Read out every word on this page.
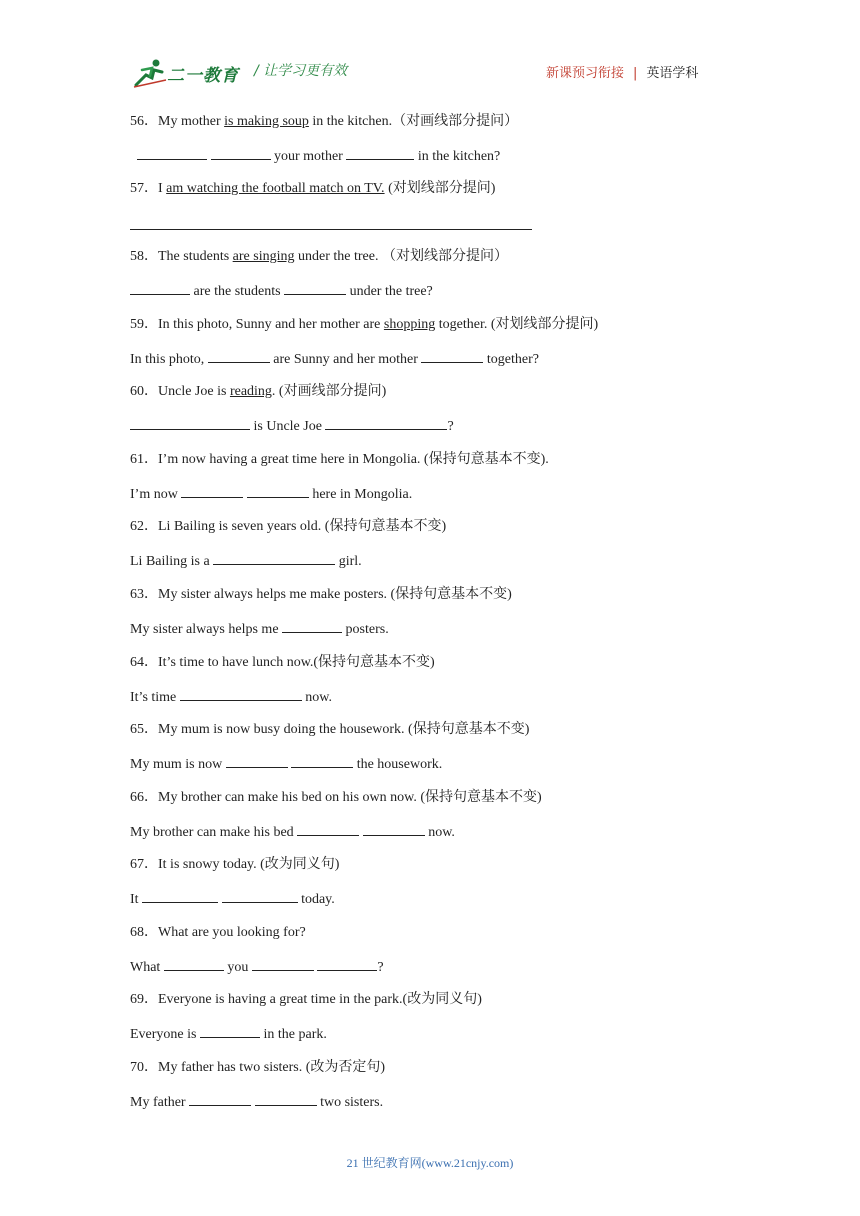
二一教育 / 让学习更有效	新课预习衔接 | 英语学科
56．My mother is making soup in the kitchen.（对画线部分提问）
your mother	in the kitchen?
57．I am watching the football match on TV. (对划线部分提问)
58．The students are singing under the tree. （对划线部分提问）
are the students	under the tree?
59．In this photo, Sunny and her mother are shopping together. (对划线部分提问)
In this photo,	are Sunny and her mother	together?
60．Uncle Joe is reading. (对画线部分提问)
is Uncle Joe	?
61．I’m now having a great time here in Mongolia. (保持句意基本不变).
I’m now	here in Mongolia.
62．Li Bailing is seven years old. (保持句意基本不变)
Li Bailing is a	girl.
63．My sister always helps me make posters. (保持句意基本不变)
My sister always helps me	posters.
64．It’s time to have lunch now.(保持句意基本不变)
It’s time	now.
65．My mum is now busy doing the housework. (保持句意基本不变)
My mum is now	the housework.
66．My brother can make his bed on his own now. (保持句意基本不变)
My brother can make his bed	now.
67．It is snowy today. (改为同义句)
It	today.
68．What are you looking for?
What	you	?
69．Everyone is having a great time in the park.(改为同义句)
Everyone is	in the park.
70．My father has two sisters. (改为否定句)
My father	two sisters.
21 世纪教育网(www.21cnjy.com)
